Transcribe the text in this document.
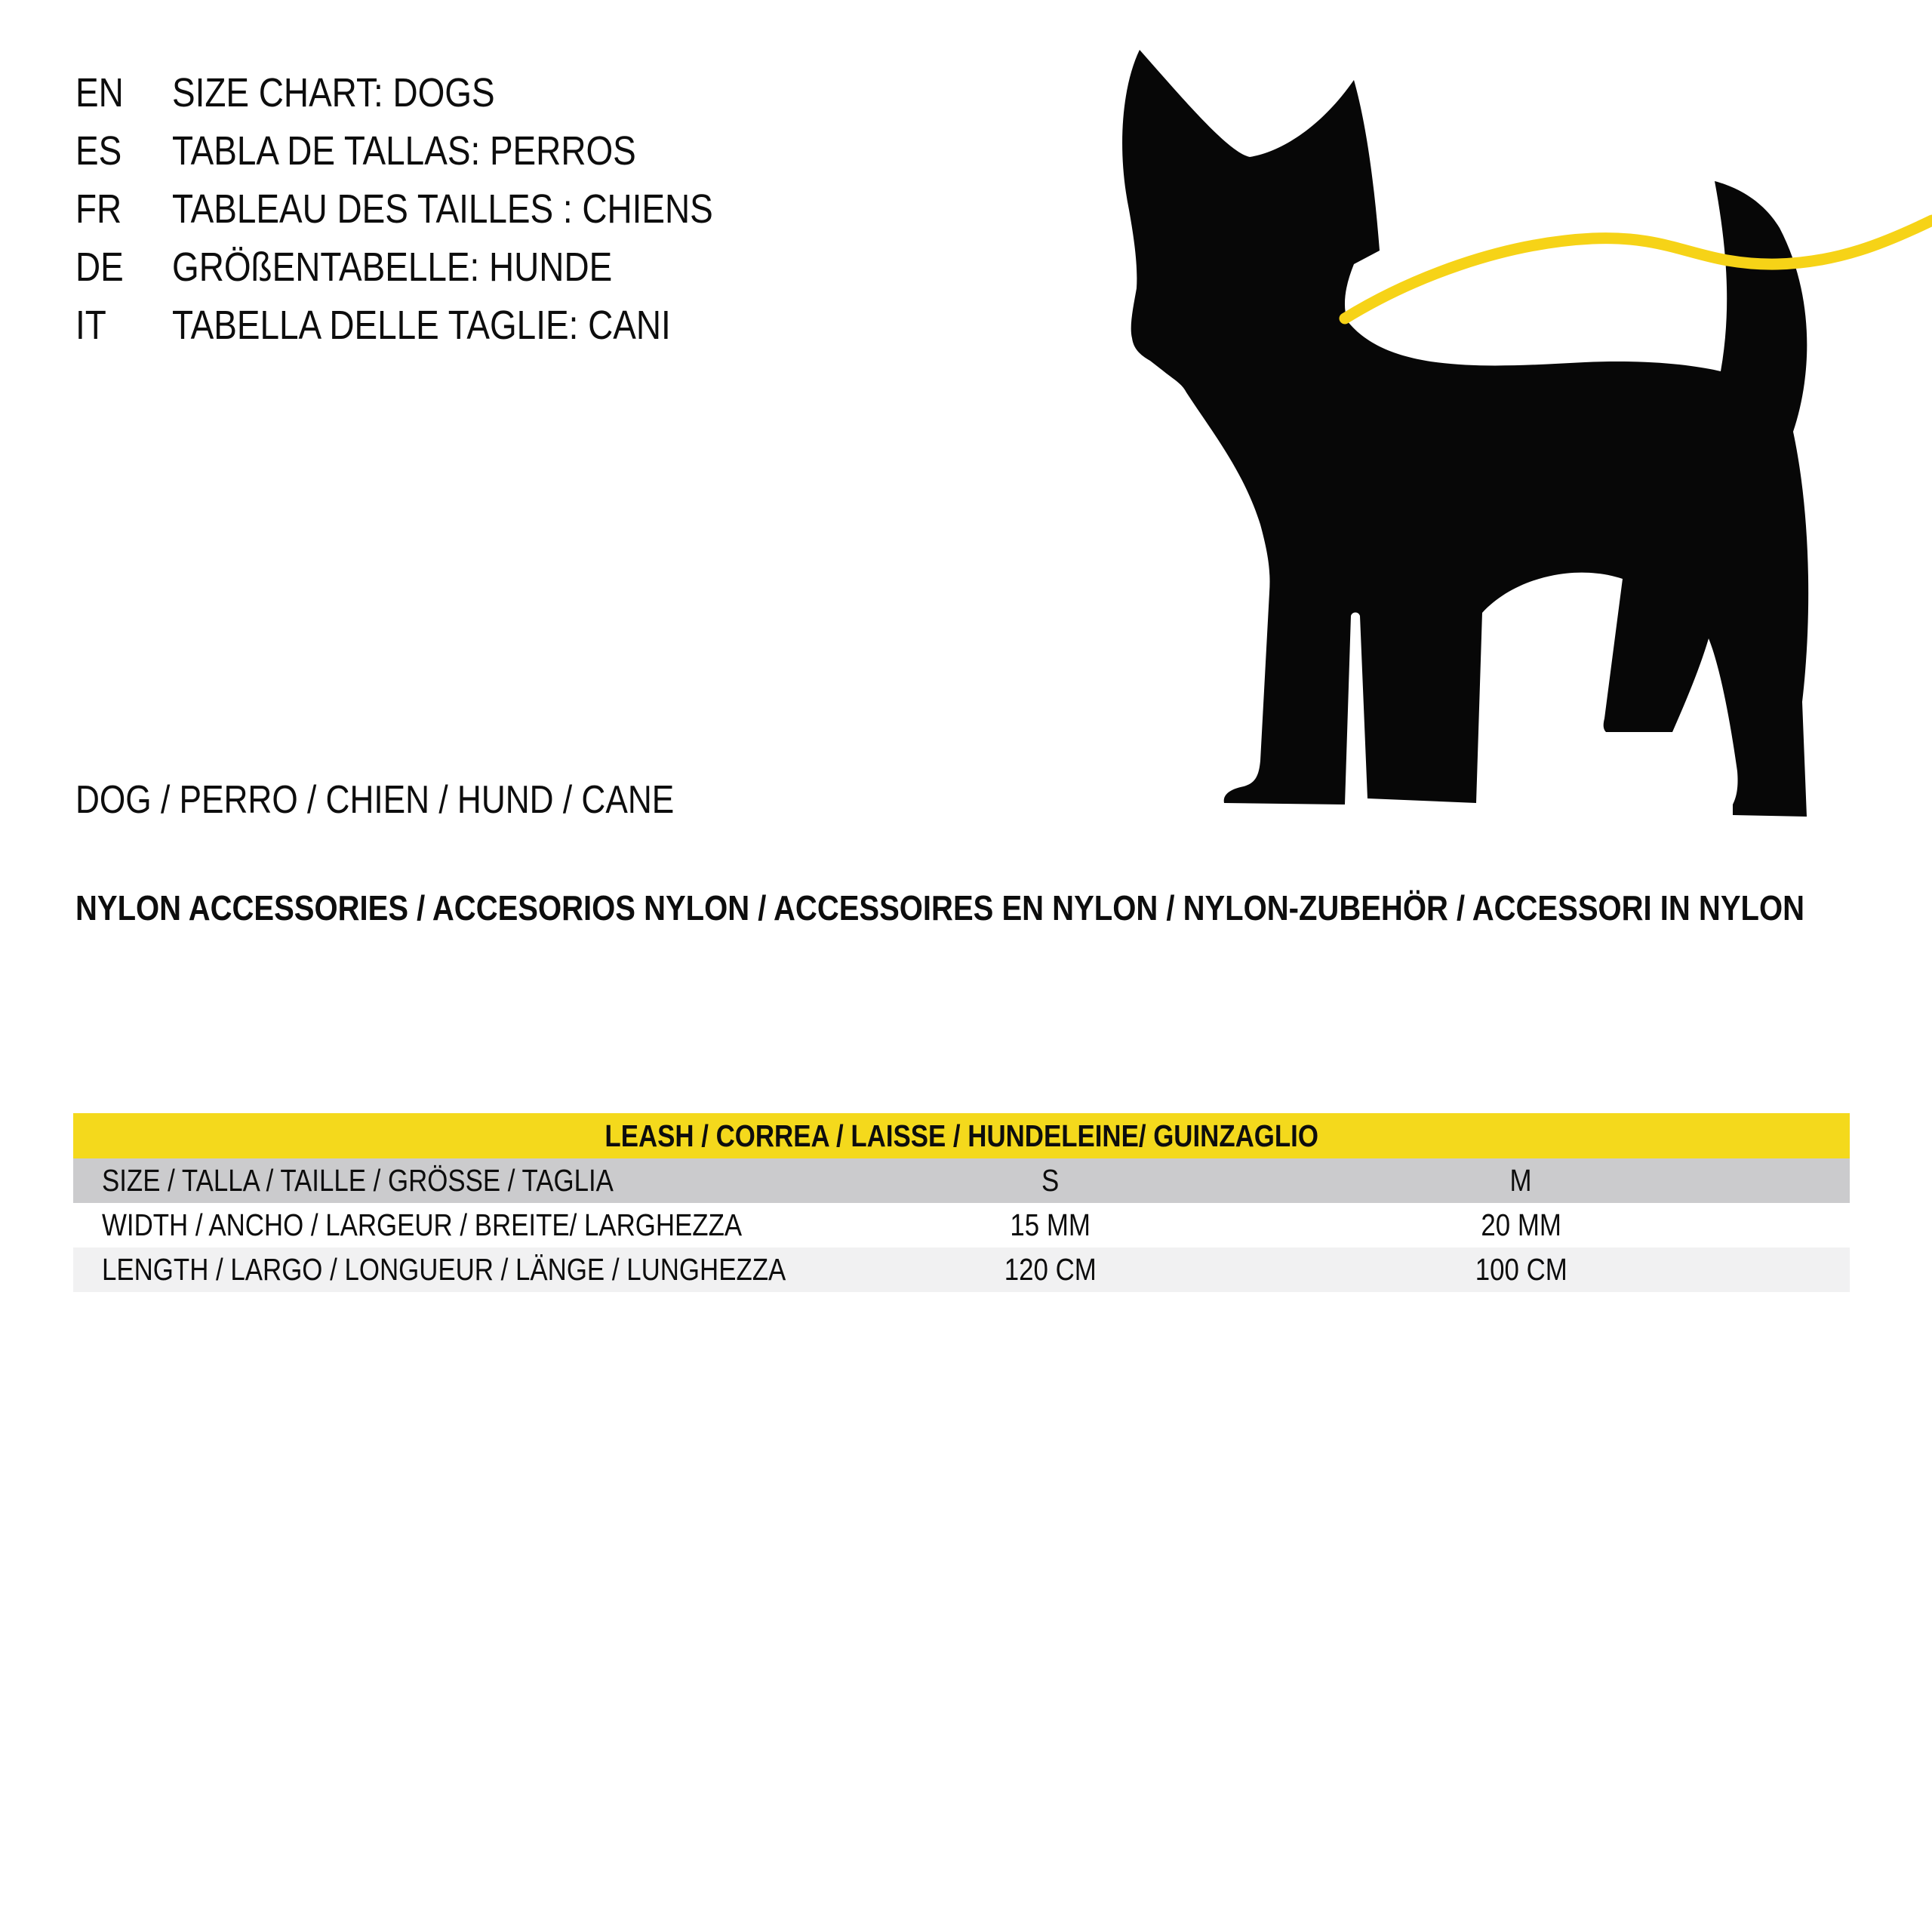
EN	SIZE CHART: DOGS
ES	TABLA DE TALLAS: PERROS
FR	TABLEAU DES TAILLES : CHIENS
DE	GRÖßENTABELLE: HUNDE
IT	TABELLA DELLE TAGLIE: CANI
DOG / PERRO / CHIEN / HUND / CANE
NYLON ACCESSORIES / ACCESORIOS NYLON / ACCESSOIRES EN NYLON / NYLON-ZUBEHÖR / ACCESSORI IN NYLON
LEASH / CORREA / LAISSE / HUNDELEINE/ GUINZAGLIO
SIZE / TALLA / TAILLE / GRÖSSE / TAGLIA	S	M
WIDTH / ANCHO / LARGEUR / BREITE/ LARGHEZZA	15 MM	20 MM
LENGTH / LARGO / LONGUEUR / LÄNGE / LUNGHEZZA	120 CM	100 CM
